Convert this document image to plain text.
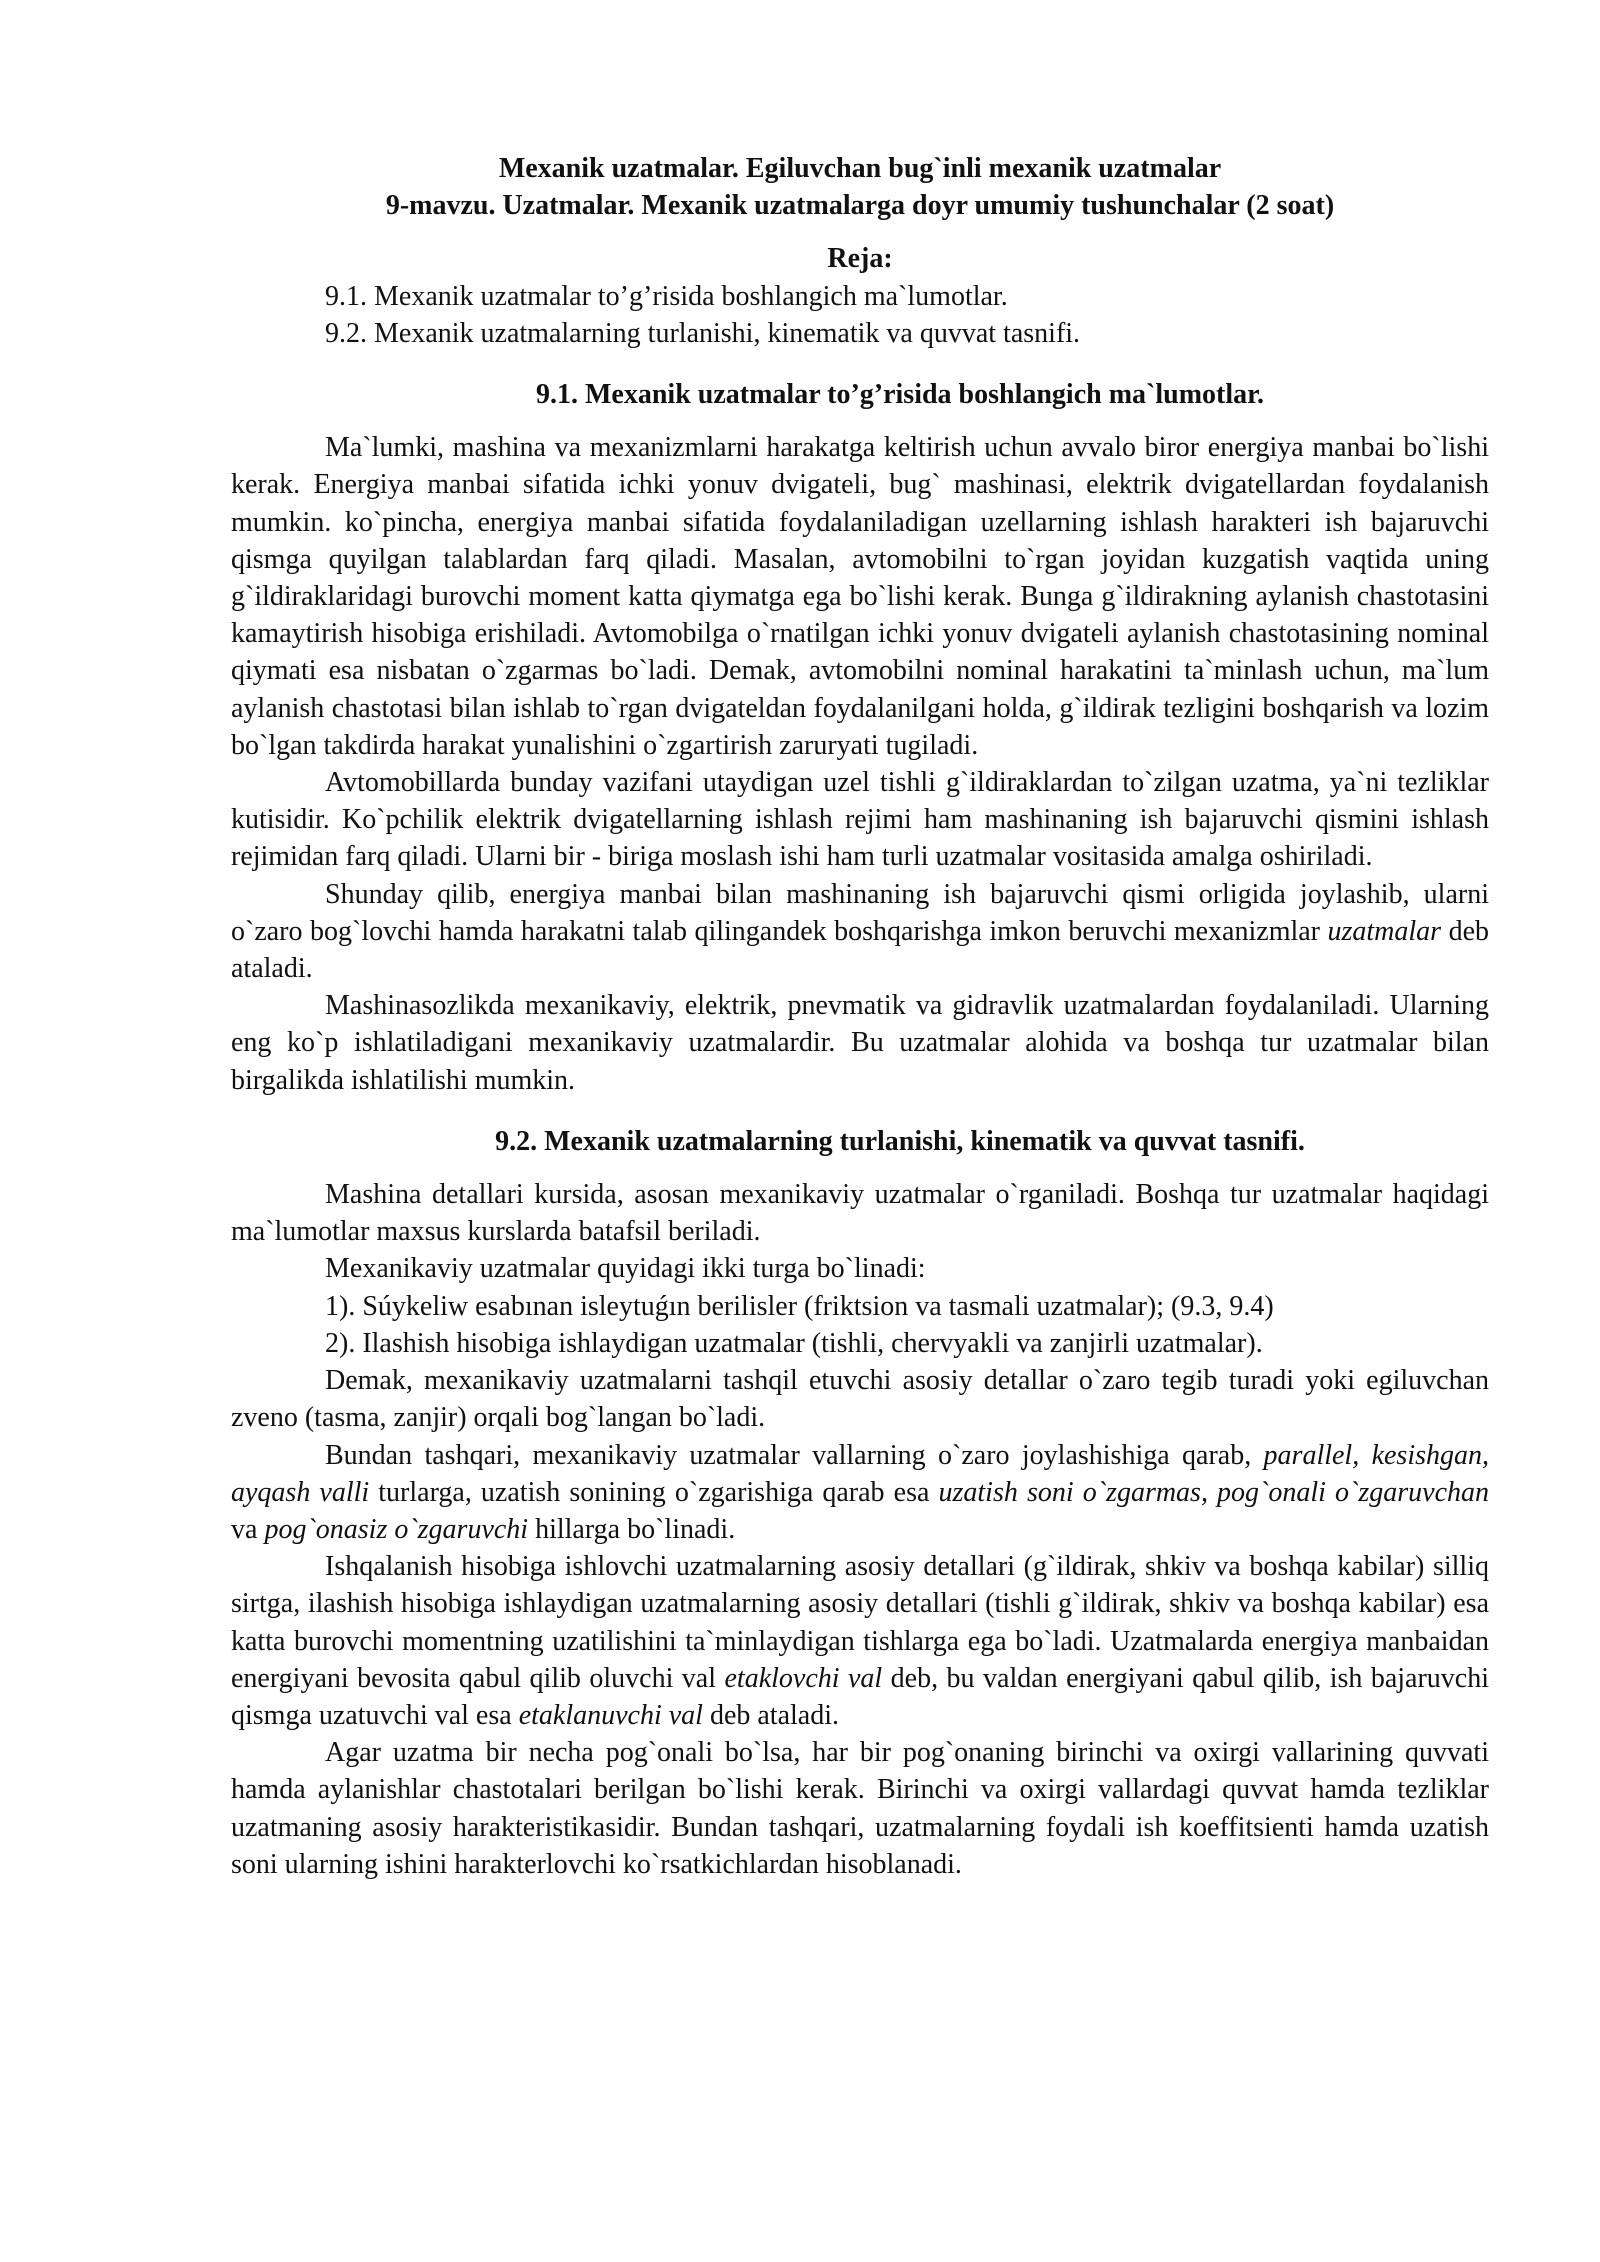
Mexanik uzatmalar. Egiluvchan bug`inli mexanik uzatmalar
9-mavzu. Uzatmalar. Mexanik uzatmalarga doyr umumiy tushunchalar (2 soat)
Reja:
9.1. Mexanik uzatmalar to’g’risida boshlangich ma`lumotlar.
9.2. Mexanik uzatmalarning turlanishi, kinematik va quvvat tasnifi.
9.1. Mexanik uzatmalar to’g’risida boshlangich ma`lumotlar.

Ma`lumki, mashina va mexanizmlarni harakatga keltirish uchun avvalo biror energiya manbai bo`lishi kerak. Energiya manbai sifatida ichki yonuv dvigateli, bug` mashinasi, elektrik dvigatellardan foydalanish mumkin. ko`pincha, energiya manbai sifatida foydalaniladigan uzellarning ishlash harakteri ish bajaruvchi qismga quyilgan talablardan farq qiladi. Masalan, avtomobilni to`rgan joyidan kuzgatish vaqtida uning g`ildiraklaridagi burovchi moment katta qiymatga ega bo`lishi kerak. Bunga g`ildirakning aylanish chastotasini kamaytirish hisobiga erishiladi. Avtomobilga o`rnatilgan ichki yonuv dvigateli aylanish chastotasining nominal qiymati esa nisbatan o`zgarmas bo`ladi. Demak, avtomobilni nominal harakatini ta`minlash uchun, ma`lum aylanish chastotasi bilan ishlab to`rgan dvigateldan foydalanilgani holda, g`ildirak tezligini boshqarish va lozim bo`lgan takdirda harakat yunalishini o`zgartirish zaruryati tugiladi.

Avtomobillarda bunday vazifani utaydigan uzel tishli g`ildiraklardan to`zilgan uzatma, ya`ni tezliklar kutisidir. Ko`pchilik elektrik dvigatellarning ishlash rejimi ham mashinaning ish bajaruvchi qismini ishlash rejimidan farq qiladi. Ularni bir - biriga moslash ishi ham turli uzatmalar vositasida amalga oshiriladi.

Shunday qilib, energiya manbai bilan mashinaning ish bajaruvchi qismi orligida joylashib, ularni o`zaro bog`lovchi hamda harakatni talab qilingandek boshqarishga imkon beruvchi mexanizmlar uzatmalar deb ataladi.

Mashinasozlikda mexanikaviy, elektrik, pnevmatik va gidravlik uzatmalardan foydalaniladi. Ularning eng ko`p ishlatiladigani mexanikaviy uzatmalardir. Bu uzatmalar alohida va boshqa tur uzatmalar bilan birgalikda ishlatilishi mumkin.

9.2. Mexanik uzatmalarning turlanishi, kinematik va quvvat tasnifi.

Mashina detallari kursida, asosan mexanikaviy uzatmalar o`rganiladi. Boshqa tur uzatmalar haqidagi ma`lumotlar maxsus kurslarda batafsil beriladi.

Mexanikaviy uzatmalar quyidagi ikki turga bo`linadi:

1). Súykeliw esabınan isleytuǵın berilisler (friktsion va tasmali uzatmalar); (9.3, 9.4)

2). Ilashish hisobiga ishlaydigan uzatmalar (tishli, chervyakli va zanjirli uzatmalar).

Demak, mexanikaviy uzatmalarni tashqil etuvchi asosiy detallar o`zaro tegib turadi yoki egiluvchan zveno (tasma, zanjir) orqali bog`langan bo`ladi.

Bundan tashqari, mexanikaviy uzatmalar vallarning o`zaro joylashishiga qarab, parallel, kesishgan, ayqash valli turlarga, uzatish sonining o`zgarishiga qarab esa uzatish soni o`zgarmas, pog`onali o`zgaruvchan va pog`onasiz o`zgaruvchi hillarga bo`linadi.

Ishqalanish hisobiga ishlovchi uzatmalarning asosiy detallari (g`ildirak, shkiv va boshqa kabilar) silliq sirtga, ilashish hisobiga ishlaydigan uzatmalarning asosiy detallari (tishli g`ildirak, shkiv va boshqa kabilar) esa katta burovchi momentning uzatilishini ta`minlaydigan tishlarga ega bo`ladi. Uzatmalarda energiya manbaidan energiyani bevosita qabul qilib oluvchi val etaklovchi val deb, bu valdan energiyani qabul qilib, ish bajaruvchi qismga uzatuvchi val esa etaklanuvchi val deb ataladi.

Agar uzatma bir necha pog`onali bo`lsa, har bir pog`onaning birinchi va oxirgi vallarining quvvati hamda aylanishlar chastotalari berilgan bo`lishi kerak. Birinchi va oxirgi vallardagi quvvat hamda tezliklar uzatmaning asosiy harakteristikasidir. Bundan tashqari, uzatmalarning foydali ish koeffitsienti hamda uzatish soni ularning ishini harakterlovchi ko`rsatkichlardan hisoblanadi.
